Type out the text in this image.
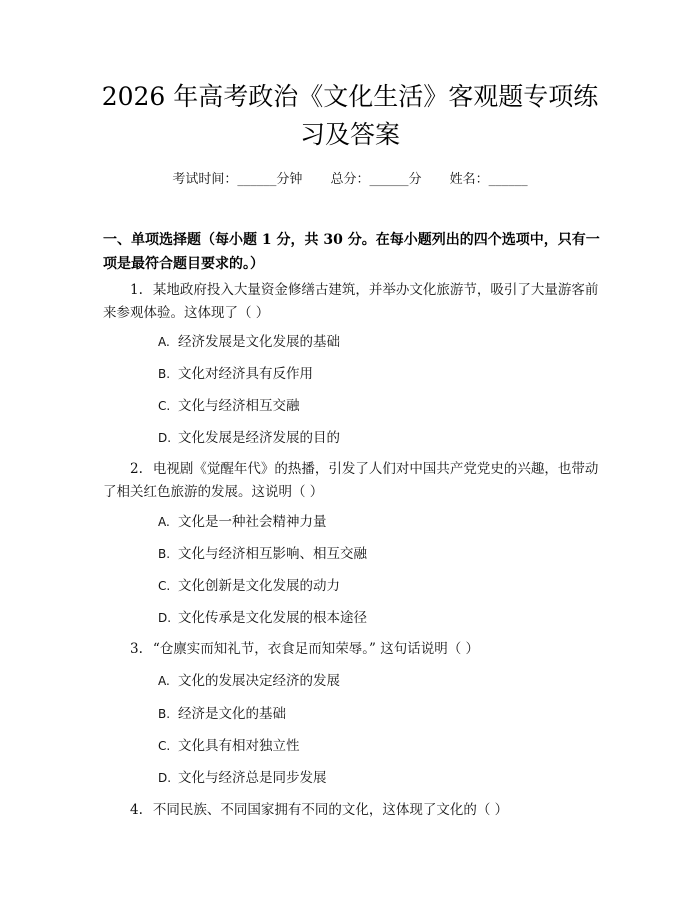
2026 年高考政治《文化生活》客观题专项练习及答案
考试时间：______分钟 总分：______分 姓名：______
一、单项选择题（每小题 1 分，共 30 分。在每小题列出的四个选项中，只有一项是最符合题目要求的。）
1. 某地政府投入大量资金修缮古建筑，并举办文化旅游节，吸引了大量游客前来参观体验。这体现了（ ）
A. 经济发展是文化发展的基础
B. 文化对经济具有反作用
C. 文化与经济相互交融
D. 文化发展是经济发展的目的
2. 电视剧《觉醒年代》的热播，引发了人们对中国共产党党史的兴趣，也带动了相关红色旅游的发展。这说明（ ）
A. 文化是一种社会精神力量
B. 文化与经济相互影响、相互交融
C. 文化创新是文化发展的动力
D. 文化传承是文化发展的根本途径
3. “仓廪实而知礼节，衣食足而知荣辱。” 这句话说明（ ）
A. 文化的发展决定经济的发展
B. 经济是文化的基础
C. 文化具有相对独立性
D. 文化与经济总是同步发展
4. 不同民族、不同国家拥有不同的文化，这体现了文化的（ ）
